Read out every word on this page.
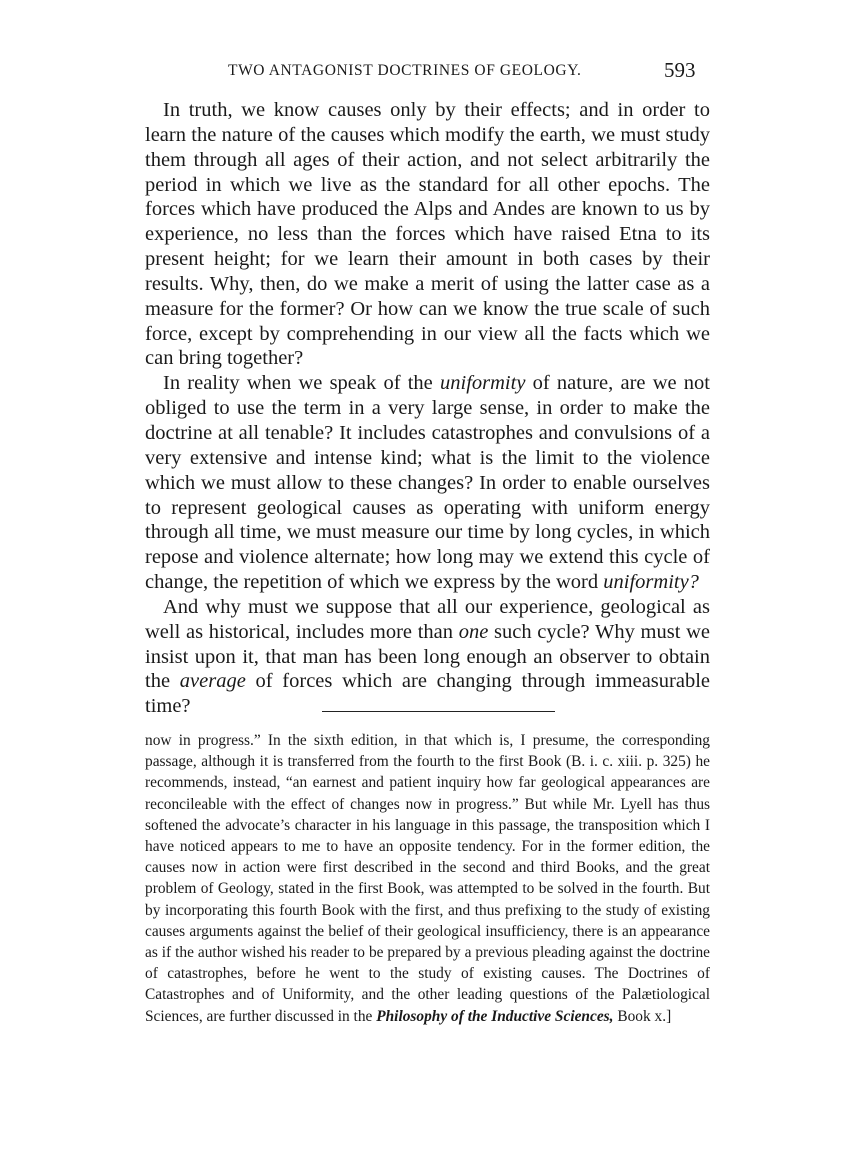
TWO ANTAGONIST DOCTRINES OF GEOLOGY.	593

In truth, we know causes only by their effects; and in order to learn the nature of the causes which modify the earth, we must study them through all ages of their action, and not select arbitrarily the period in which we live as the standard for all other epochs. The forces which have produced the Alps and Andes are known to us by experience, no less than the forces which have raised Etna to its present height; for we learn their amount in both cases by their results. Why, then, do we make a merit of using the latter case as a measure for the former? Or how can we know the true scale of such force, except by comprehending in our view all the facts which we can bring together?

In reality when we speak of the uniformity of nature, are we not obliged to use the term in a very large sense, in order to make the doctrine at all tenable? It includes catastrophes and convulsions of a very extensive and intense kind; what is the limit to the violence which we must allow to these changes? In order to enable ourselves to represent geological causes as operating with uniform energy through all time, we must measure our time by long cycles, in which repose and violence alternate; how long may we extend this cycle of change, the repetition of which we express by the word uniformity?

And why must we suppose that all our experience, geological as well as historical, includes more than one such cycle? Why must we insist upon it, that man has been long enough an observer to obtain the average of forces which are changing through immeasurable time?

now in progress.” In the sixth edition, in that which is, I presume, the corresponding passage, although it is transferred from the fourth to the first Book (B. i. c. xiii. p. 325) he recommends, instead, “an earnest and patient inquiry how far geological appearances are reconcileable with the effect of changes now in progress.” But while Mr. Lyell has thus softened the advocate’s character in his language in this passage, the transposition which I have noticed appears to me to have an opposite tendency. For in the former edition, the causes now in action were first described in the second and third Books, and the great problem of Geology, stated in the first Book, was attempted to be solved in the fourth. But by incorporating this fourth Book with the first, and thus prefixing to the study of existing causes arguments against the belief of their geological insufficiency, there is an appearance as if the author wished his reader to be prepared by a previous pleading against the doctrine of catastrophes, before he went to the study of existing causes. The Doctrines of Catastrophes and of Uniformity, and the other leading questions of the Palætiological Sciences, are further discussed in the Philosophy of the Inductive Sciences, Book x.]
